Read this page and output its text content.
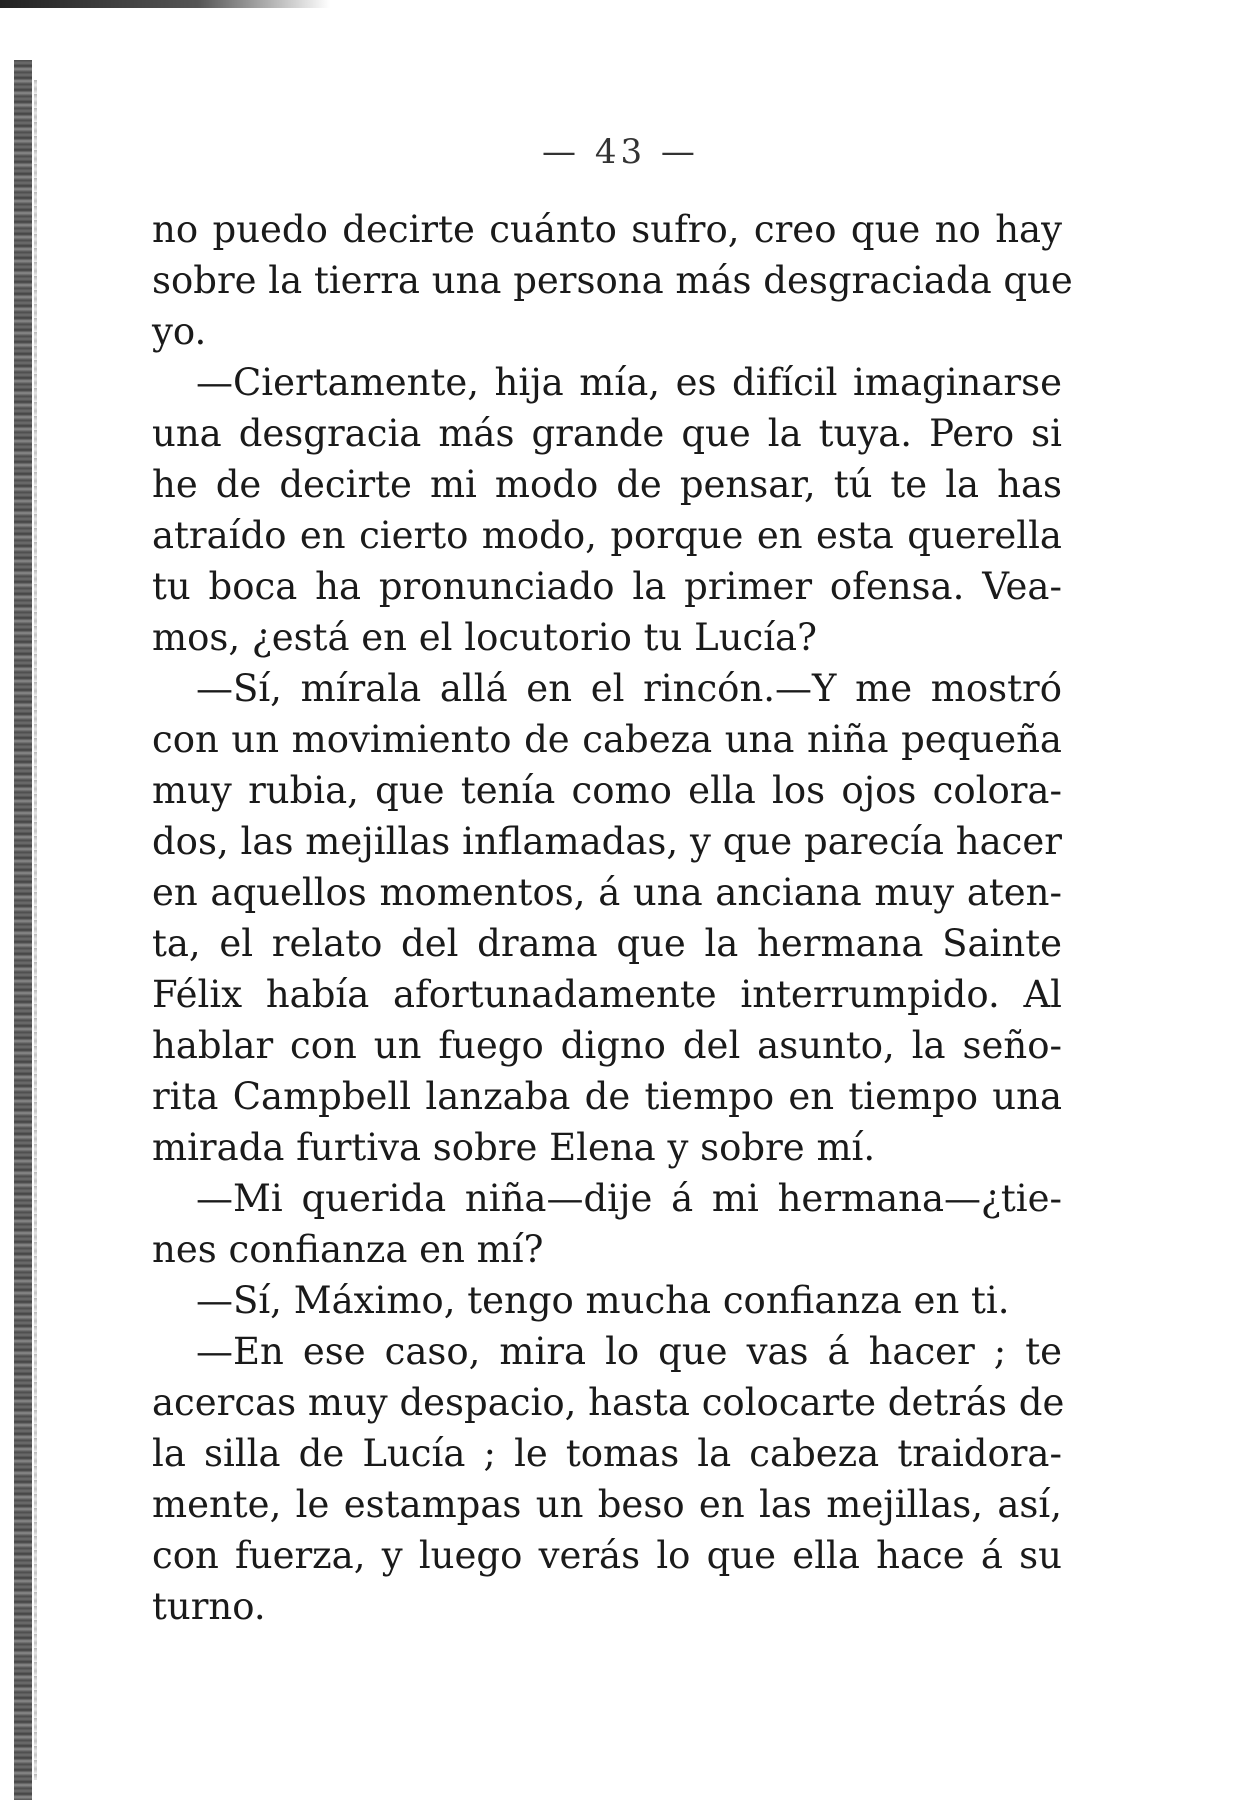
— 43 —
no puedo decirte cuánto sufro, creo que no hay
sobre la tierra una persona más desgraciada que
yo.
—Ciertamente, hija mía, es difícil imaginarse
una desgracia más grande que la tuya. Pero si
he de decirte mi modo de pensar, tú te la has
atraído en cierto modo, porque en esta querella
tu boca ha pronunciado la primer ofensa. Vea-
mos, ¿está en el locutorio tu Lucía?
—Sí, mírala allá en el rincón.—Y me mostró
con un movimiento de cabeza una niña pequeña
muy rubia, que tenía como ella los ojos colora-
dos, las mejillas inflamadas, y que parecía hacer
en aquellos momentos, á una anciana muy aten-
ta, el relato del drama que la hermana Sainte
Félix había afortunadamente interrumpido. Al
hablar con un fuego digno del asunto, la seño-
rita Campbell lanzaba de tiempo en tiempo una
mirada furtiva sobre Elena y sobre mí.
—Mi querida niña—dije á mi hermana—¿tie-
nes confianza en mí?
—Sí, Máximo, tengo mucha confianza en ti.
—En ese caso, mira lo que vas á hacer ; te
acercas muy despacio, hasta colocarte detrás de
la silla de Lucía ; le tomas la cabeza traidora-
mente, le estampas un beso en las mejillas, así,
con fuerza, y luego verás lo que ella hace á su
turno.
